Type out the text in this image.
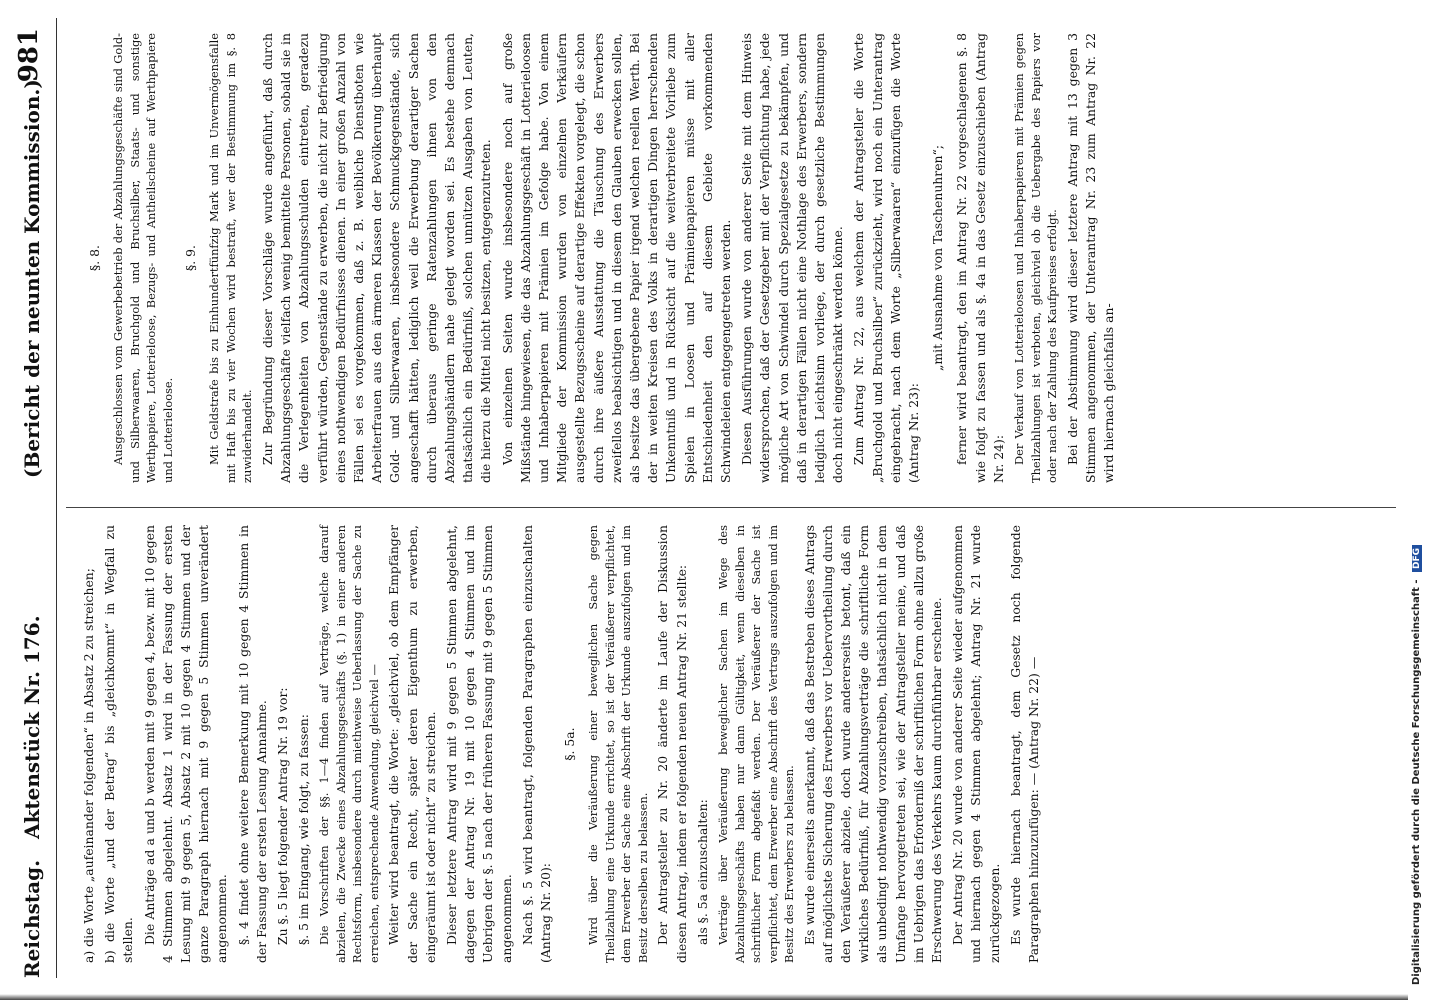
Reichstag. Aktenstück Nr. 176.
(Bericht der neunten Kommission.)
981

a) die Worte „aufeinander folgenden“ in Absatz 2 zu streichen; b) die Worte „und der Betrag“ bis „gleichkommt“ in Wegfall zu stellen. Die Anträge ad a und b werden mit 9 gegen 4, bezw. mit 10 gegen 4 Stimmen abgelehnt. Absatz 1 wird in der Fassung der ersten Lesung mit 9 gegen 5, Absatz 2 mit 10 gegen 4 Stimmen und der ganze Paragraph hiernach mit 9 gegen 5 Stimmen unverändert angenommen. §. 4 findet ohne weitere Bemerkung mit 10 gegen 4 Stimmen in der Fassung der ersten Lesung Annahme. Zu §. 5 liegt folgender Antrag Nr. 19 vor: §. 5 im Eingang, wie folgt, zu fassen: Die Vorschriften der §§. 1—4 finden auf Verträge, welche darauf abzielen, die Zwecke eines Abzahlungsgeschäfts (§. 1) in einer anderen Rechtsform, insbesondere durch miethweise Ueberlassung der Sache zu erreichen, entsprechende Anwendung, gleichviel — Weiter wird beantragt, die Worte: „gleichviel, ob dem Empfänger der Sache ein Recht, später deren Eigenthum zu erwerben, eingeräumt ist oder nicht“ zu streichen. Dieser letztere Antrag wird mit 9 gegen 5 Stimmen abgelehnt, dagegen der Antrag Nr. 19 mit 10 gegen 4 Stimmen und im Uebrigen der §. 5 nach der früheren Fassung mit 9 gegen 5 Stimmen angenommen. Nach §. 5 wird beantragt, folgenden Paragraphen einzuschalten (Antrag Nr. 20):

§. 5a. Wird über die Veräußerung einer beweglichen Sache gegen Theilzahlung eine Urkunde errichtet, so ist der Veräußerer verpflichtet, dem Erwerber der Sache eine Abschrift der Urkunde auszufolgen und im Besitz derselben zu belassen. Der Antragsteller zu Nr. 20 änderte im Laufe der Diskussion diesen Antrag, indem er folgenden neuen Antrag Nr. 21 stellte: als §. 5a einzuschalten: Verträge über Veräußerung beweglicher Sachen im Wege des Abzahlungsgeschäfts haben nur dann Gültigkeit, wenn dieselben in schriftlicher Form abgefaßt werden. Der Veräußerer der Sache ist verpflichtet, dem Erwerber eine Abschrift des Vertrags auszufolgen und im Besitz des Erwerbers zu belassen. Es wurde einerseits anerkannt, daß das Bestreben dieses Antrags auf möglichste Sicherung des Erwerbers vor Uebervortheilung durch den Veräußerer abziele, doch wurde andererseits betont, daß ein wirkliches Bedürfniß, für Abzahlungsverträge die schriftliche Form als unbedingt nothwendig vorzuschreiben, thatsächlich nicht in dem Umfange hervorgetreten sei, wie der Antragsteller meine, und daß im Uebrigen das Erforderniß der schriftlichen Form ohne allzu große Erschwerung des Verkehrs kaum durchführbar erscheine. Der Antrag Nr. 20 wurde von anderer Seite wieder aufgenommen und hiernach gegen 4 Stimmen abgelehnt; Antrag Nr. 21 wurde zurückgezogen. Es wurde hiernach beantragt, dem Gesetz noch folgende Paragraphen hinzuzufügen: — (Antrag Nr. 22) —

§. 8. Ausgeschlossen vom Gewerbebetrieb der Abzahlungsgeschäfte sind Gold- und Silberwaaren, Bruchgold und Bruchsilber, Staats- und sonstige Werthpapiere, Lotterieloose, Bezugs- und Antheilscheine auf Werthpapiere und Lotterieloose.

§. 9. Mit Geldstrafe bis zu Einhundertfünfzig Mark und im Unvermögensfalle mit Haft bis zu vier Wochen wird bestraft, wer der Bestimmung im §. 8 zuwiderhandelt. Zur Begründung dieser Vorschläge wurde angeführt, daß durch Abzahlungsgeschäfte vielfach wenig bemittelte Personen, sobald sie in die Verlegenheiten von Abzahlungsschulden eintreten, geradezu verführt würden, Gegenstände zu erwerben, die nicht zur Befriedigung eines nothwendigen Bedürfnisses dienen. In einer großen Anzahl von Fällen sei es vorgekommen, daß z. B. weibliche Dienstboten wie Arbeiterfrauen aus den ärmeren Klassen der Bevölkerung überhaupt Gold- und Silberwaaren, insbesondere Schmuckgegenstände, sich angeschafft hätten, lediglich weil die Erwerbung derartiger Sachen durch überaus geringe Ratenzahlungen ihnen von den Abzahlungshändlern nahe gelegt worden sei. Es bestehe demnach thatsächlich ein Bedürfniß, solchen unnützen Ausgaben von Leuten, die hierzu die Mittel nicht besitzen, entgegenzutreten. Von einzelnen Seiten wurde insbesondere noch auf große Mißstände hingewiesen, die das Abzahlungsgeschäft in Lotterieloosen und Inhaberpapieren mit Prämien im Gefolge habe. Von einem Mitgliede der Kommission wurden von einzelnen Verkäufern ausgestellte Bezugsscheine auf derartige Effekten vorgelegt, die schon durch ihre äußere Ausstattung die Täuschung des Erwerbers zweifellos beabsichtigen und in diesem den Glauben erwecken sollen, als besitze das übergebene Papier irgend welchen reellen Werth. Bei der in weiten Kreisen des Volks in derartigen Dingen herrschenden Unkenntniß und in Rücksicht auf die weitverbreitete Vorliebe zum Spielen in Loosen und Prämienpapieren müsse mit aller Entschiedenheit den auf diesem Gebiete vorkommenden Schwindeleien entgegengetreten werden. Diesen Ausführungen wurde von anderer Seite mit dem Hinweis widersprochen, daß der Gesetzgeber mit der Verpflichtung habe, jede mögliche Art von Schwindel durch Spezialgesetze zu bekämpfen, und daß in derartigen Fällen nicht eine Nothlage des Erwerbers, sondern lediglich Leichtsinn vorliege, der durch gesetzliche Bestimmungen doch nicht eingeschränkt werden könne. Zum Antrag Nr. 22, aus welchem der Antragsteller die Worte „Bruchgold und Bruchsilber“ zurückzieht, wird noch ein Unterantrag eingebracht, nach dem Worte „Silberwaaren“ einzufügen die Worte (Antrag Nr. 23):

„mit Ausnahme von Taschenuhren“; ferner wird beantragt, den im Antrag Nr. 22 vorgeschlagenen §. 8 wie folgt zu fassen und als §. 4a in das Gesetz einzuschieben (Antrag Nr. 24): Der Verkauf von Lotterieloosen und Inhaberpapieren mit Prämien gegen Theilzahlungen ist verboten, gleichviel ob die Uebergabe des Papiers vor oder nach der Zahlung des Kaufpreises erfolgt. Bei der Abstimmung wird dieser letztere Antrag mit 13 gegen 3 Stimmen angenommen, der Unterantrag Nr. 23 zum Antrag Nr. 22 wird hiernach gleichfalls an-

Digitalisierung gefördert durch die Deutsche Forschungsgemeinschaft - DFG
